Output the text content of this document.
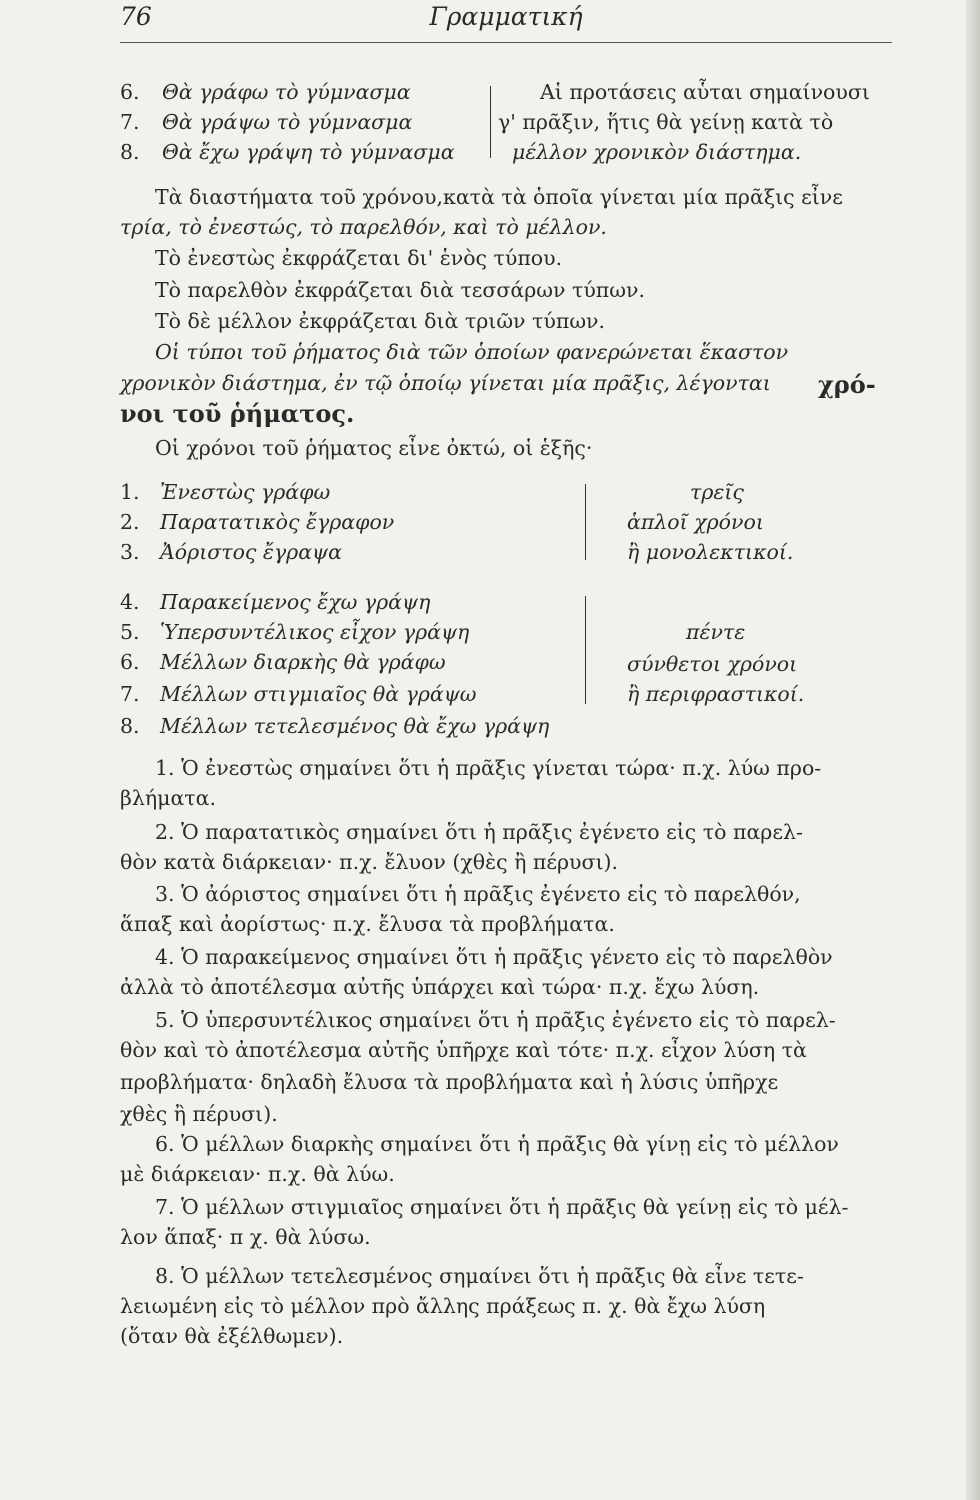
Γραμματική
76
6. Θὰ γράφω τὸ γύμνασμα
7. Θὰ γράψω τὸ γύμνασμα
8. Θὰ ἔχω γράψη τὸ γύμνασμα
Αἱ προτάσεις αὗται σημαίνουσι
γ' πρᾶξιν, ἥτις θὰ γείνῃ κατὰ τὸ
μέλλον χρονικὸν διάστημα.
Τὰ διαστήματα τοῦ χρόνου,κατὰ τὰ ὁποῖα γίνεται μία πρᾶξις εἶνε
τρία, τὸ ἐνεστώς, τὸ παρελθόν, καὶ τὸ μέλλον.
Τὸ ἐνεστὼς ἐκφράζεται δι' ἑνὸς τύπου.
Τὸ παρελθὸν ἐκφράζεται διὰ τεσσάρων τύπων.
Τὸ δὲ μέλλον ἐκφράζεται διὰ τριῶν τύπων.
Οἱ τύποι τοῦ ῥήματος διὰ τῶν ὁποίων φανερώνεται ἕκαστον
χρονικὸν διάστημα, ἐν τῷ ὁποίῳ γίνεται μία πρᾶξις, λέγονται χρό-
νοι τοῦ ῥήματος.
Οἱ χρόνοι τοῦ ῥήματος εἶνε ὀκτώ, οἱ ἑξῆς·
1. Ἐνεστὼς γράφω
2. Παρατατικὸς ἔγραφον
3. Ἀόριστος ἔγραψα
τρεῖς
ἁπλοῖ χρόνοι
ἢ μονολεκτικοί.
4. Παρακείμενος ἔχω γράψη
5. Ὑπερσυντέλικος εἶχον γράψη
6. Μέλλων διαρκὴς θὰ γράφω
7. Μέλλων στιγμιαῖος θὰ γράψω
8. Μέλλων τετελεσμένος θὰ ἔχω γράψη
πέντε
σύνθετοι χρόνοι
ἢ περιφραστικοί.
1. Ὁ ἐνεστὼς σημαίνει ὅτι ἡ πρᾶξις γίνεται τώρα· π.χ. λύω προ-
βλήματα.
2. Ὁ παρατατικὸς σημαίνει ὅτι ἡ πρᾶξις ἐγένετο εἰς τὸ παρελ-
θὸν κατὰ διάρκειαν· π.χ. ἔλυον (χθὲς ἢ πέρυσι).
3. Ὁ ἀόριστος σημαίνει ὅτι ἡ πρᾶξις ἐγένετο εἰς τὸ παρελθόν,
ἅπαξ καὶ ἀορίστως· π.χ. ἔλυσα τὰ προβλήματα.
4. Ὁ παρακείμενος σημαίνει ὅτι ἡ πρᾶξις γένετο εἰς τὸ παρελθὸν
ἀλλὰ τὸ ἀποτέλεσμα αὐτῆς ὑπάρχει καὶ τώρα· π.χ. ἔχω λύση.
5. Ὁ ὑπερσυντέλικος σημαίνει ὅτι ἡ πρᾶξις ἐγένετο εἰς τὸ παρελ-
θὸν καὶ τὸ ἀποτέλεσμα αὐτῆς ὑπῆρχε καὶ τότε· π.χ. εἶχον λύση τὰ
προβλήματα· δηλαδὴ ἔλυσα τὰ προβλήματα καὶ ἡ λύσις ὑπῆρχε
χθὲς ἢ πέρυσι).
6. Ὁ μέλλων διαρκὴς σημαίνει ὅτι ἡ πρᾶξις θὰ γίνῃ εἰς τὸ μέλλον
μὲ διάρκειαν· π.χ. θὰ λύω.
7. Ὁ μέλλων στιγμιαῖος σημαίνει ὅτι ἡ πρᾶξις θὰ γείνῃ εἰς τὸ μέλ-
λον ἅπαξ· π χ. θὰ λύσω.
8. Ὁ μέλλων τετελεσμένος σημαίνει ὅτι ἡ πρᾶξις θὰ εἶνε τετε-
λειωμένη εἰς τὸ μέλλον πρὸ ἄλλης πράξεως π. χ. θὰ ἔχω λύση
(ὅταν θὰ ἐξέλθωμεν).
